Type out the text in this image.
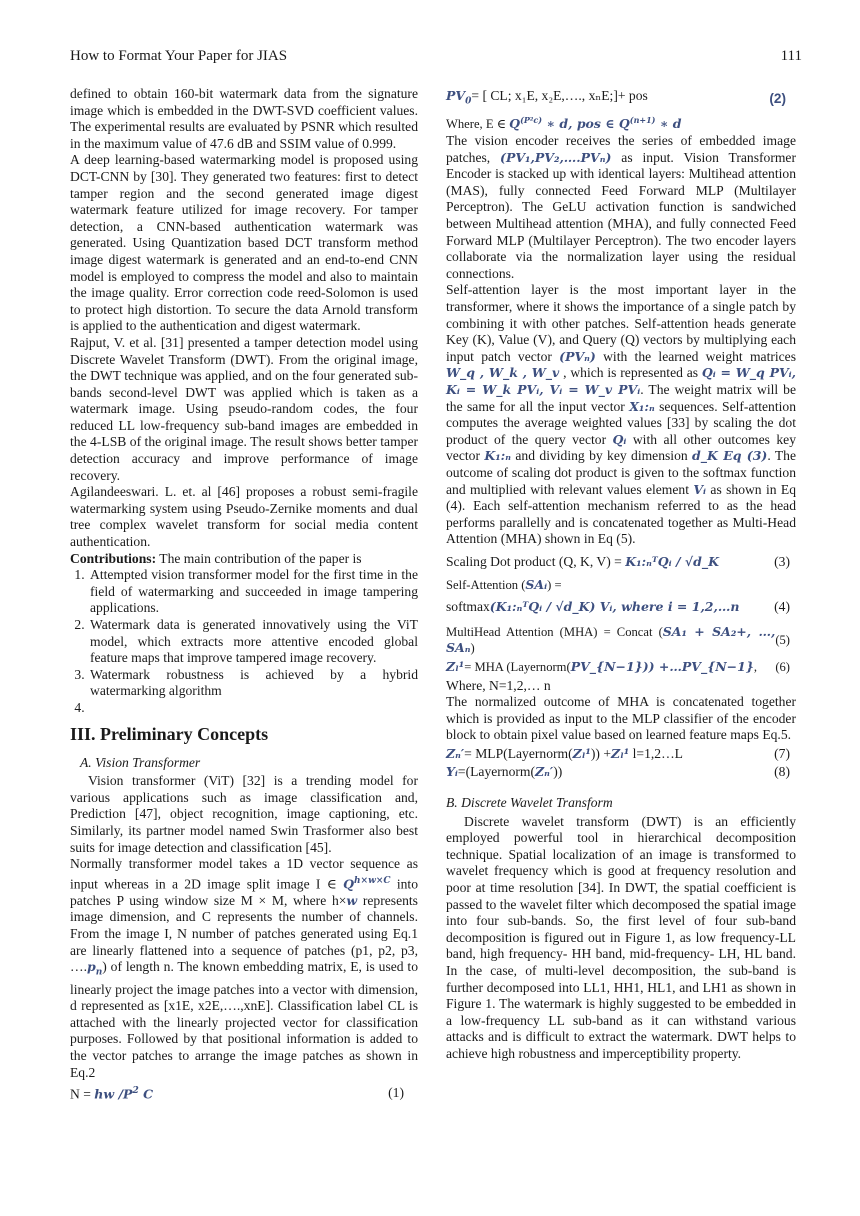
How to Format Your Paper for JIAS	111

defined to obtain 160-bit watermark data from the signature image which is embedded in the DWT-SVD coefficient values. The experimental results are evaluated by PSNR which resulted in the maximum value of 47.6 dB and SSIM value of 0.999.

A deep learning-based watermarking model is proposed using DCT-CNN by [30]. They generated two features: first to detect tamper region and the second generated image digest watermark feature utilized for image recovery. For tamper detection, a CNN-based authentication watermark was generated. Using Quantization based DCT transform method image digest watermark is generated and an end-to-end CNN model is employed to compress the model and also to maintain the image quality. Error correction code reed-Solomon is used to protect high distortion. To secure the data Arnold transform is applied to the authentication and digest watermark.

Rajput, V. et al. [31] presented a tamper detection model using Discrete Wavelet Transform (DWT). From the original image, the DWT technique was applied, and on the four generated sub-bands second-level DWT was applied which is taken as a watermark image. Using pseudo-random codes, the four reduced LL low-frequency sub-band images are embedded in the 4-LSB of the original image. The result shows better tamper detection accuracy and improve performance of image recovery.

Agilandeeswari. L. et. al [46] proposes a robust semi-fragile watermarking system using Pseudo-Zernike moments and dual tree complex wavelet transform for social media content authentication.

Contributions: The main contribution of the paper is

1. Attempted vision transformer model for the first time in the field of watermarking and succeeded in image tampering applications.
2. Watermark data is generated innovatively using the ViT model, which extracts more attentive encoded global feature maps that improve tampered image recovery.
3. Watermark robustness is achieved by a hybrid watermarking algorithm
4.
III. Preliminary Concepts
A. Vision Transformer

Vision transformer (ViT) [32] is a trending model for various applications such as image classification and, Prediction [47], object recognition, image captioning, etc. Similarly, its partner model named Swin Trasformer also best suits for image detection and classification [45].

Normally transformer model takes a 1D vector sequence as input whereas in a 2D image split image I ∈ $Q^{h\times w\times C}$ into patches P using window size M × M, where h×w represents image dimension, and C represents the number of channels. From the image I, N number of patches generated using Eq.1 are linearly flattened into a sequence of patches (p1, p2, p3, $\dots.p_n$) of length n. The known embedding matrix, E, is used to linearly project the image patches into a vector with dimension, d represented as [x1E, x2E,….,xnE]. Classification label CL is attached with the linearly projected vector for classification purposes. Followed by that positional information is added to the vector patches to arrange the image patches as shown in Eq.2

N = hw $/P^2$ C	(1)
$PV_0=$ [ CL; x₁E, x₂E,…., xₙE;]+ pos	(2)

Where, E ∈ $Q^{(P^2c)}$ ∗ d, pos ∈ $Q^{(n+1)}$ ∗ d

The vision encoder receives the series of embedded image patches, (PV₁,PV₂,….PVₙ) as input. Vision Transformer Encoder is stacked up with identical layers: Multihead attention (MAS), fully connected Feed Forward MLP (Multilayer Perceptron). The GeLU activation function is sandwiched between Multihead attention (MHA), and fully connected Feed Forward MLP (Multilayer Perceptron). The two encoder layers collaborate via the normalization layer using the residual connections.

Self-attention layer is the most important layer in the transformer, where it shows the importance of a single patch by combining it with other patches. Self-attention heads generate Key (K), Value (V), and Query (Q) vectors by multiplying each input patch vector (PVₙ) with the learned weight matrices W_q , W_k , W_v , which is represented as Qᵢ = W_q PVᵢ, Kᵢ = W_k PVᵢ, Vᵢ = W_v PVᵢ. The weight matrix will be the same for all the input vector X₁:ₙ sequences. Self-attention computes the average weighted values [33] by scaling the dot product of the query vector Qᵢ with all other outcomes key vector K₁:ₙ and dividing by key dimension d_K Eq (3). The outcome of scaling dot product is given to the softmax function and multiplied with relevant values element Vᵢ as shown in Eq (4). Each self-attention mechanism referred to as the head performs parallelly and is concatenated together as Multi-Head Attention (MHA) shown in Eq (5).

Scaling Dot product (Q, K, V) = K₁:ₙᵀQᵢ / √d_K	(3)

Self-Attention (SAᵢ) =

softmax(K₁:ₙᵀQᵢ / √d_K) Vᵢ, where i = 1,2,…n	(4)
MultiHead Attention (MHA) = Concat (SA₁ + SA₂+, …, SAₙ)
(5)
Zₗ¹= MHA (Layernorm(PV_{N−1})) +…PV_{N−1}, (6)

Where, N=1,2,… n

The normalized outcome of MHA is concatenated together which is provided as input to the MLP classifier of the encoder block to obtain pixel value based on learned feature maps Eq.5.

Zₙ′= MLP(Layernorm(Zₗ¹)) +Zₗ¹ l=1,2…L	(7)
Yᵢ=(Layernorm(Zₙ′))	(8)
B. Discrete Wavelet Transform

Discrete wavelet transform (DWT) is an efficiently employed powerful tool in hierarchical decomposition technique. Spatial localization of an image is transformed to wavelet frequency which is good at frequency resolution and poor at time resolution [34]. In DWT, the spatial coefficient is passed to the wavelet filter which decomposed the spatial image into four sub-bands. So, the first level of four sub-band decomposition is figured out in Figure 1, as low frequency-LL band, high frequency- HH band, mid-frequency- LH, HL band. In the case, of multi-level decomposition, the sub-band is further decomposed into LL1, HH1, HL1, and LH1 as shown in Figure 1. The watermark is highly suggested to be embedded in a low-frequency LL sub-band as it can withstand various attacks and is difficult to extract the watermark. DWT helps to achieve high robustness and imperceptibility property.
